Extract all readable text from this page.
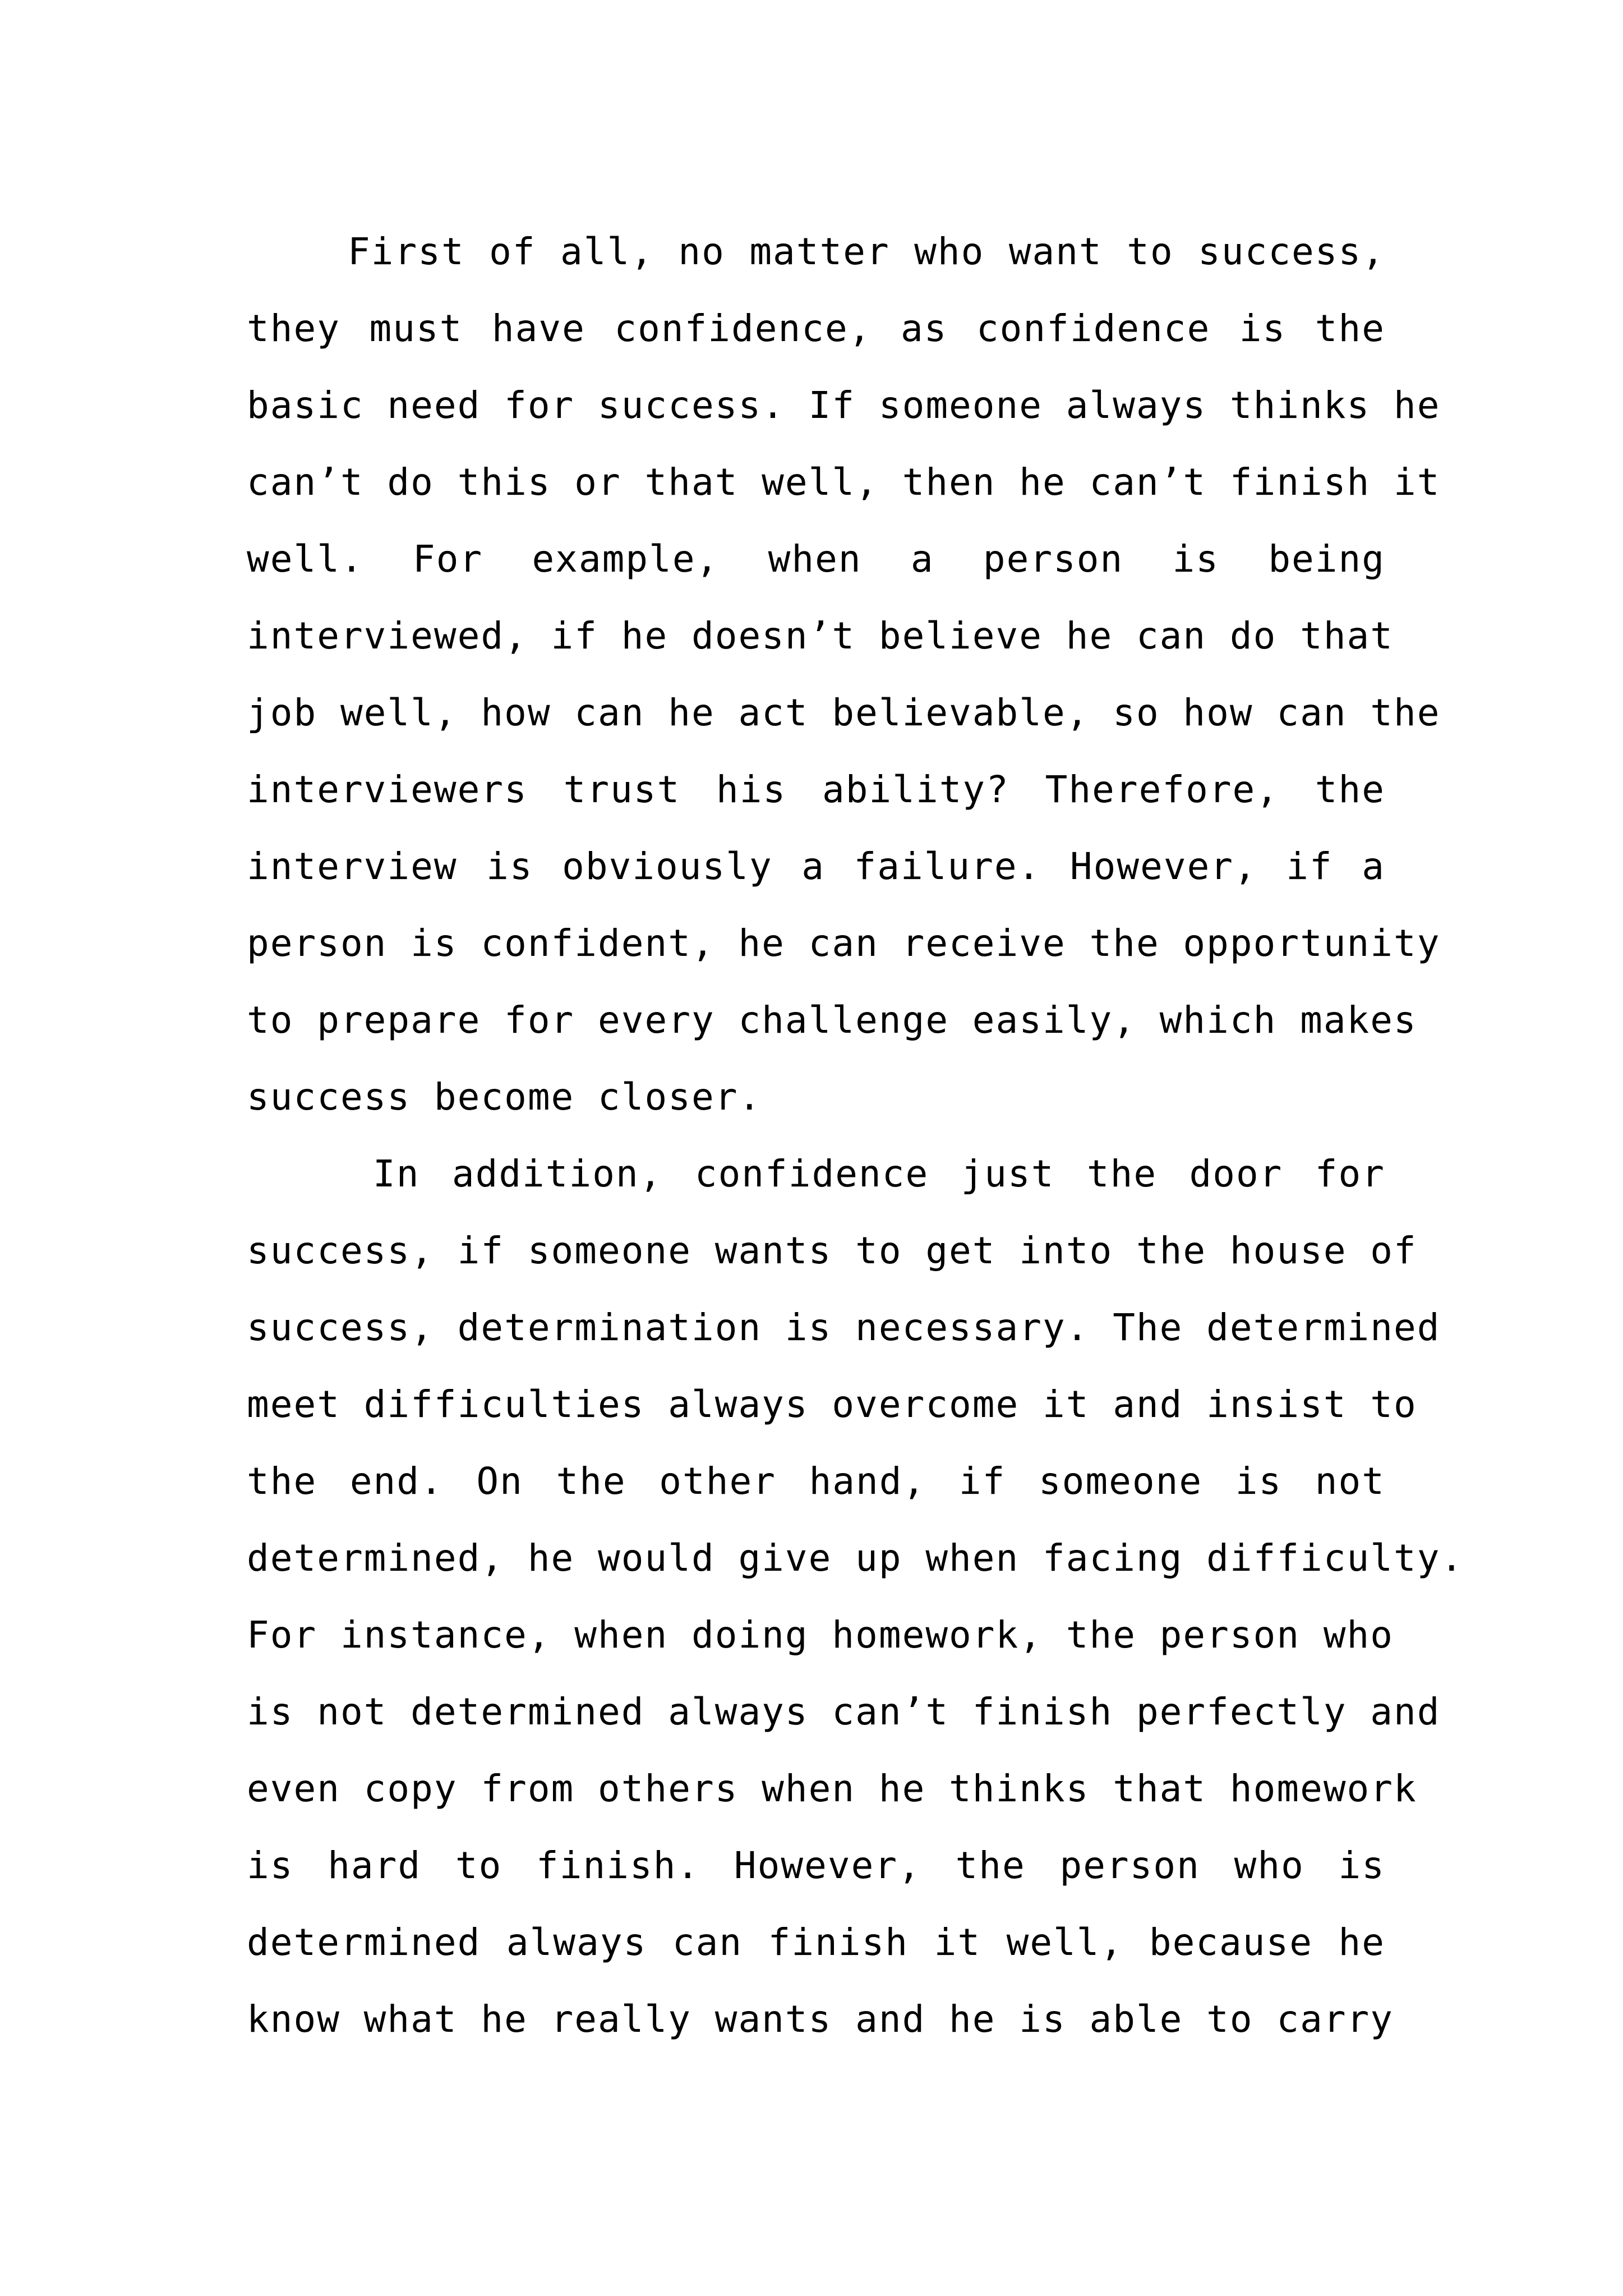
First of all, no matter who want to success,
they must have confidence, as confidence is the
basic need for success. If someone always thinks he
can’t do this or that well, then he can’t finish it
well. For example, when a person is being
interviewed, if he doesn’t believe he can do that
job well, how can he act believable, so how can the
interviewers trust his ability? Therefore, the
interview is obviously a failure. However, if a
person is confident, he can receive the opportunity
to prepare for every challenge easily, which makes
success become closer.
In addition, confidence just the door for
success, if someone wants to get into the house of
success, determination is necessary. The determined
meet difficulties always overcome it and insist to
the end. On the other hand, if someone is not
determined, he would give up when facing difficulty.
For instance, when doing homework, the person who
is not determined always can’t finish perfectly and
even copy from others when he thinks that homework
is hard to finish. However, the person who is
determined always can finish it well, because he
know what he really wants and he is able to carry
